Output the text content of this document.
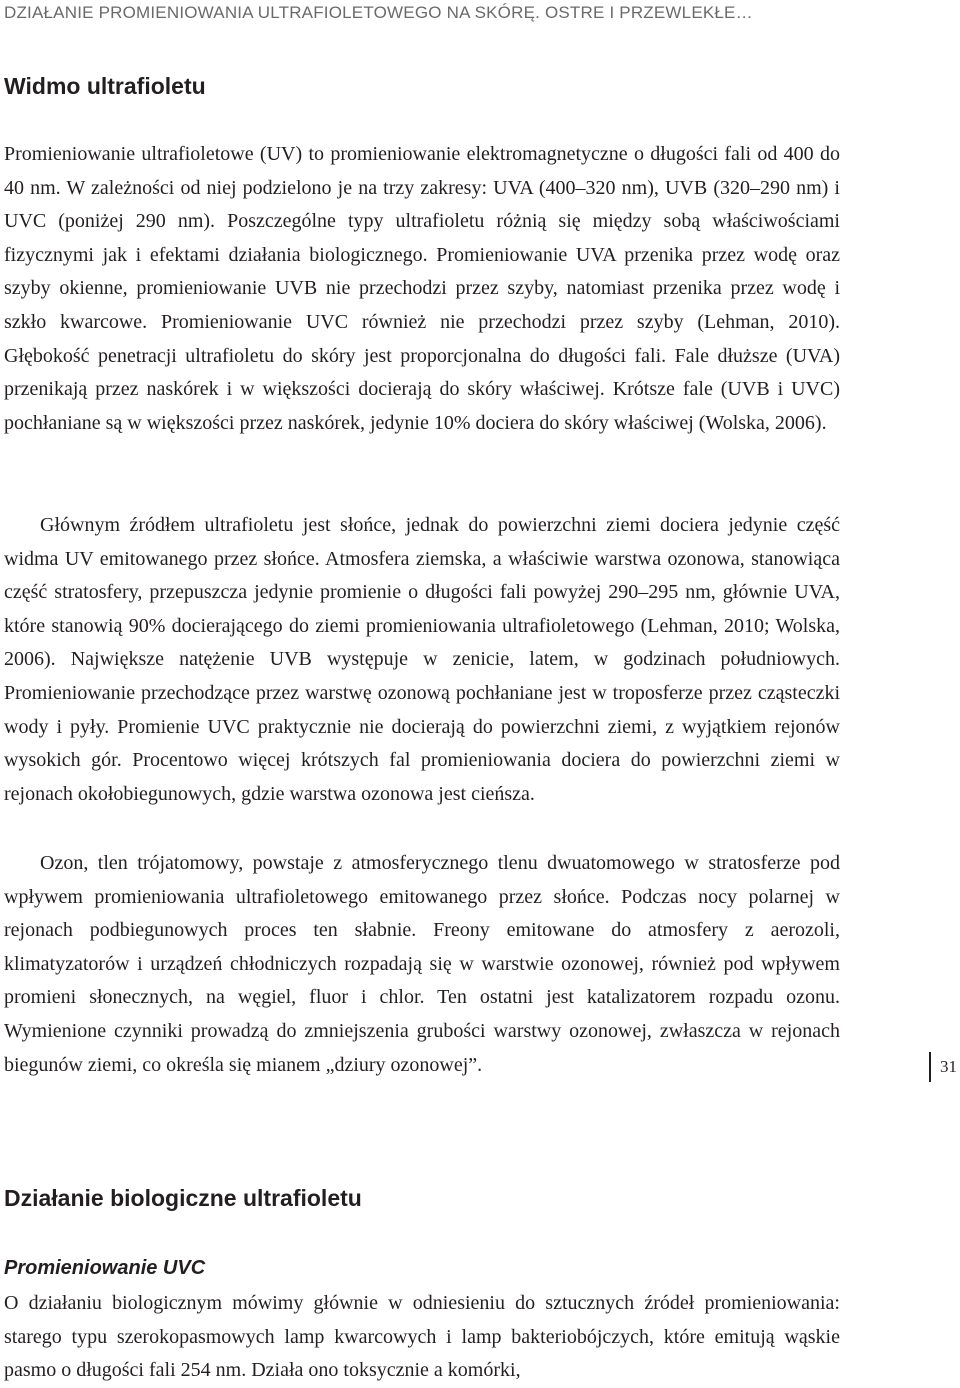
DZIAŁANIE PROMIENIOWANIA ULTRAFIOLETOWEGO NA SKÓRĘ. OSTRE I PRZEWLEKŁE…
Widmo ultrafioletu

Promieniowanie ultrafioletowe (UV) to promieniowanie elektromagnetyczne o długości fali od 400 do 40 nm. W zależności od niej podzielono je na trzy zakresy: UVA (400–320 nm), UVB (320–290 nm) i UVC (poniżej 290 nm). Poszczególne typy ultrafioletu różnią się między sobą właściwościami fizycznymi jak i efektami działania biologicznego. Promieniowanie UVA przenika przez wodę oraz szyby okienne, promieniowanie UVB nie przechodzi przez szyby, natomiast przenika przez wodę i szkło kwarcowe. Promieniowanie UVC również nie przechodzi przez szyby (Lehman, 2010). Głębokość penetracji ultrafioletu do skóry jest proporcjonalna do długości fali. Fale dłuższe (UVA) przenikają przez naskórek i w większości docierają do skóry właściwej. Krótsze fale (UVB i UVC) pochłaniane są w większości przez naskórek, jedynie 10% dociera do skóry właściwej (Wolska, 2006).

Głównym źródłem ultrafioletu jest słońce, jednak do powierzchni ziemi dociera jedynie część widma UV emitowanego przez słońce. Atmosfera ziemska, a właściwie warstwa ozonowa, stanowiąca część stratosfery, przepuszcza jedynie promienie o długości fali powyżej 290–295 nm, głównie UVA, które stanowią 90% docierającego do ziemi promieniowania ultrafioletowego (Lehman, 2010; Wolska, 2006). Największe natężenie UVB występuje w zenicie, latem, w godzinach południowych. Promieniowanie przechodzące przez warstwę ozonową pochłaniane jest w troposferze przez cząsteczki wody i pyły. Promienie UVC praktycznie nie docierają do powierzchni ziemi, z wyjątkiem rejonów wysokich gór. Procentowo więcej krótszych fal promieniowania dociera do powierzchni ziemi w rejonach okołobiegunowych, gdzie warstwa ozonowa jest cieńsza.

Ozon, tlen trójatomowy, powstaje z atmosferycznego tlenu dwuatomowego w stratosferze pod wpływem promieniowania ultrafioletowego emitowanego przez słońce. Podczas nocy polarnej w rejonach podbiegunowych proces ten słabnie. Freony emitowane do atmosfery z aerozoli, klimatyzatorów i urządzeń chłodniczych rozpadają się w warstwie ozonowej, również pod wpływem promieni słonecznych, na węgiel, fluor i chlor. Ten ostatni jest katalizatorem rozpadu ozonu. Wymienione czynniki prowadzą do zmniejszenia grubości warstwy ozonowej, zwłaszcza w rejonach biegunów ziemi, co określa się mianem „dziury ozonowej”.	31
Działanie biologiczne ultrafioletu
Promieniowanie UVC

O działaniu biologicznym mówimy głównie w odniesieniu do sztucznych źródeł promieniowania: starego typu szerokopasmowych lamp kwarcowych i lamp bakteriobójczych, które emitują wąskie pasmo o długości fali 254 nm. Działa ono toksycznie a komórki,
